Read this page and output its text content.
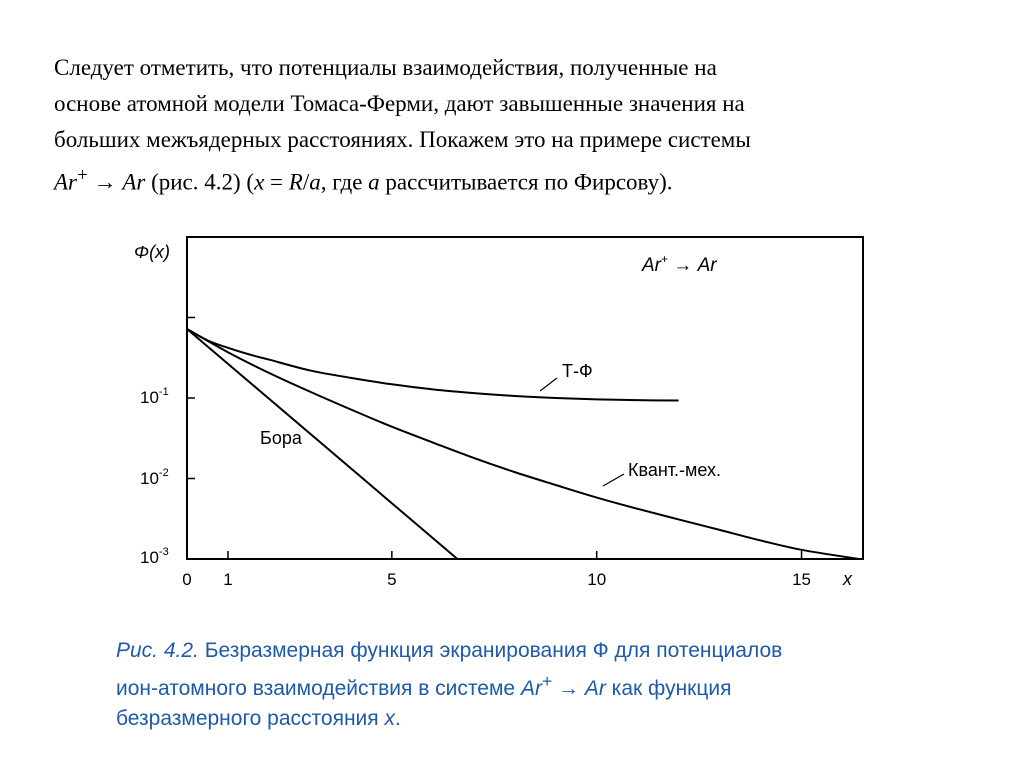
Следует отметить, что потенциалы взаимодействия, полученные на

основе атомной модели Томаса-Ферми, дают завышенные значения на

больших межъядерных расстояниях. Покажем это на примере системы

Ar+ → Ar (рис. 4.2) (x = R/a, где a рассчитывается по Фирсову).

Φ(x)
x
Ar+ → Ar
0 1	5	10	15
Т-Ф
Квант.-мех.
Бора
$10^{-1}$
$10^{-2}$
$10^{-3}$

Рис. 4.2. Безразмерная функция экранирования Ф для потенциалов

ион-атомного взаимодействия в системе Ar+ → Ar как функция

безразмерного расстояния x.
